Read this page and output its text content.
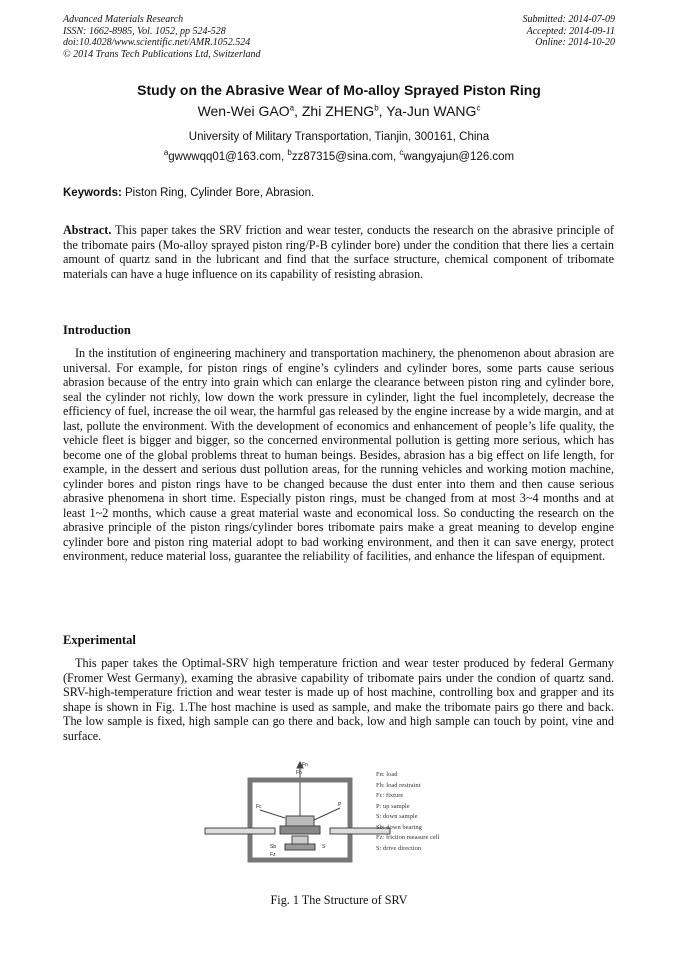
Advanced Materials Research
ISSN: 1662-8985, Vol. 1052, pp 524-528
doi:10.4028/www.scientific.net/AMR.1052.524
© 2014 Trans Tech Publications Ltd, Switzerland
Submitted: 2014-07-09
Accepted: 2014-09-11
Online: 2014-10-20
Study on the Abrasive Wear of Mo-alloy Sprayed Piston Ring
Wen-Wei GAO$^a$, Zhi ZHENG$^b$, Ya-Jun WANG$^c$
University of Military Transportation, Tianjin, 300161, China
$^a$gwwwqq01@163.com, $^b$zz87315@sina.com, $^c$wangyajun@126.com
Keywords: Piston Ring, Cylinder Bore, Abrasion.
Abstract. This paper takes the SRV friction and wear tester, conducts the research on the abrasive principle of the tribomate pairs (Mo-alloy sprayed piston ring/P-B cylinder bore) under the condition that there lies a certain amount of quartz sand in the lubricant and find that the surface structure, chemical component of tribomate materials can have a huge influence on its capability of resisting abrasion.
Introduction
In the institution of engineering machinery and transportation machinery, the phenomenon about abrasion are universal. For example, for piston rings of engine’s cylinders and cylinder bores, some parts cause serious abrasion because of the entry into grain which can enlarge the clearance between piston ring and cylinder bore, seal the cylinder not richly, low down the work pressure in cylinder, light the fuel incompletely, decrease the efficiency of fuel, increase the oil wear, the harmful gas released by the engine increase by a wide margin, and at last, pollute the environment. With the development of economics and enhancement of people’s life quality, the vehicle fleet is bigger and bigger, so the concerned environmental pollution is getting more serious, which has become one of the global problems threat to human beings. Besides, abrasion has a big effect on life length, for example, in the dessert and serious dust pollution areas, for the running vehicles and working motion machine, cylinder bores and piston rings have to be changed because the dust enter into them and then cause serious abrasive phenomena in short time. Especially piston rings, must be changed from at most 3~4 months and at least 1~2 months, which cause a great material waste and economical loss. So conducting the research on the abrasive principle of the piston rings/cylinder bores tribomate pairs make a great meaning to develop engine cylinder bore and piston ring material adopt to bad working environment, and then it can save energy, protect environment, reduce material loss, guarantee the reliability of facilities, and enhance the lifespan of equipment.
Experimental
This paper takes the Optimal-SRV high temperature friction and wear tester produced by federal Germany (Fromer West Germany), examing the abrasive capability of tribomate pairs under the condion of quartz sand. SRV-high-temperature friction and wear tester is made up of host machine, controlling box and grapper and its shape is shown in Fig. 1.The host machine is used as sample, and make the tribomate pairs go there and back. The low sample is fixed, high sample can go there and back, low and high sample can touch by point, vine and surface.
Fn
Fh
Fc	P
S
Sb
Fz
Fn: load
Fh: load restraint
Fc: fixture
P: up sample
S: down sample
Sb: down bearing
Fz: friction measure cell
S: drive direction
Fig. 1 The Structure of SRV
